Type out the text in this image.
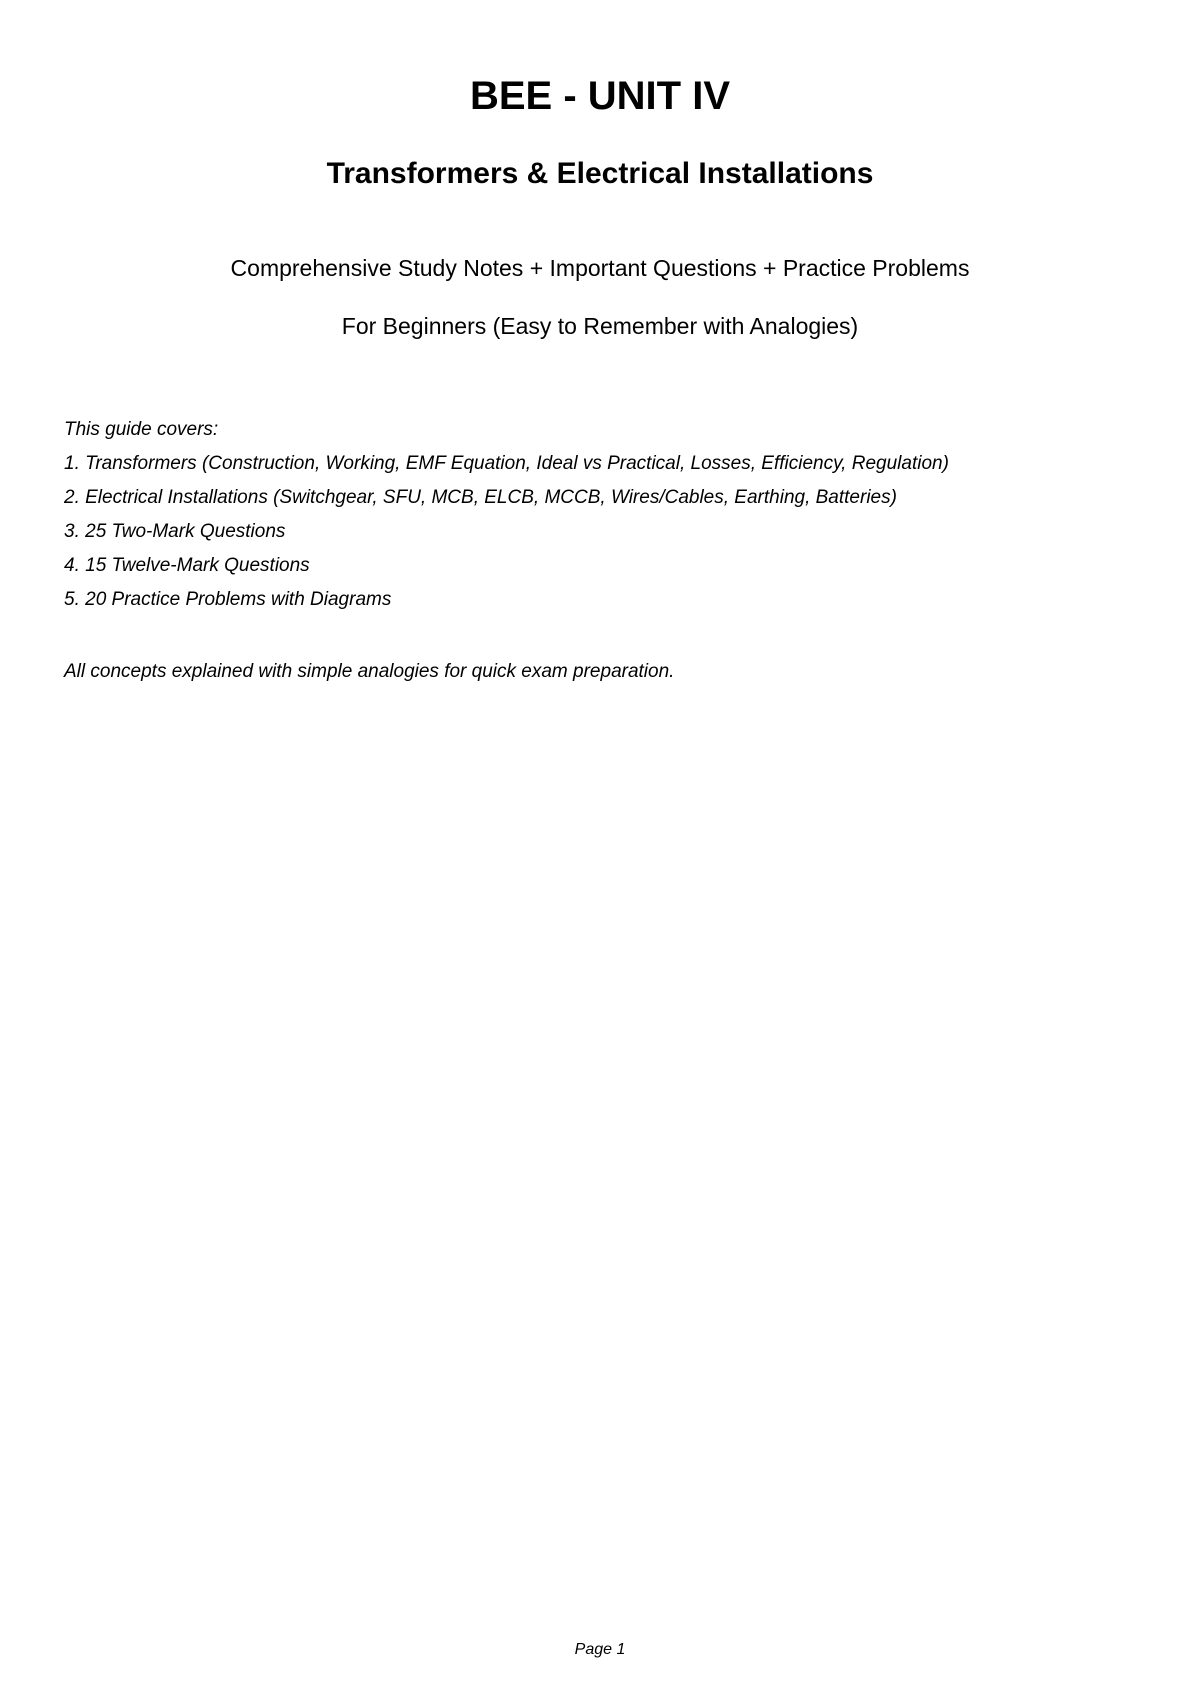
BEE - UNIT IV
Transformers & Electrical Installations

Comprehensive Study Notes + Important Questions + Practice Problems

For Beginners (Easy to Remember with Analogies)

This guide covers:

1. Transformers (Construction, Working, EMF Equation, Ideal vs Practical, Losses, Efficiency, Regulation)
2. Electrical Installations (Switchgear, SFU, MCB, ELCB, MCCB, Wires/Cables, Earthing, Batteries)
3. 25 Two-Mark Questions
4. 15 Twelve-Mark Questions
5. 20 Practice Problems with Diagrams

All concepts explained with simple analogies for quick exam preparation.

Page 1
